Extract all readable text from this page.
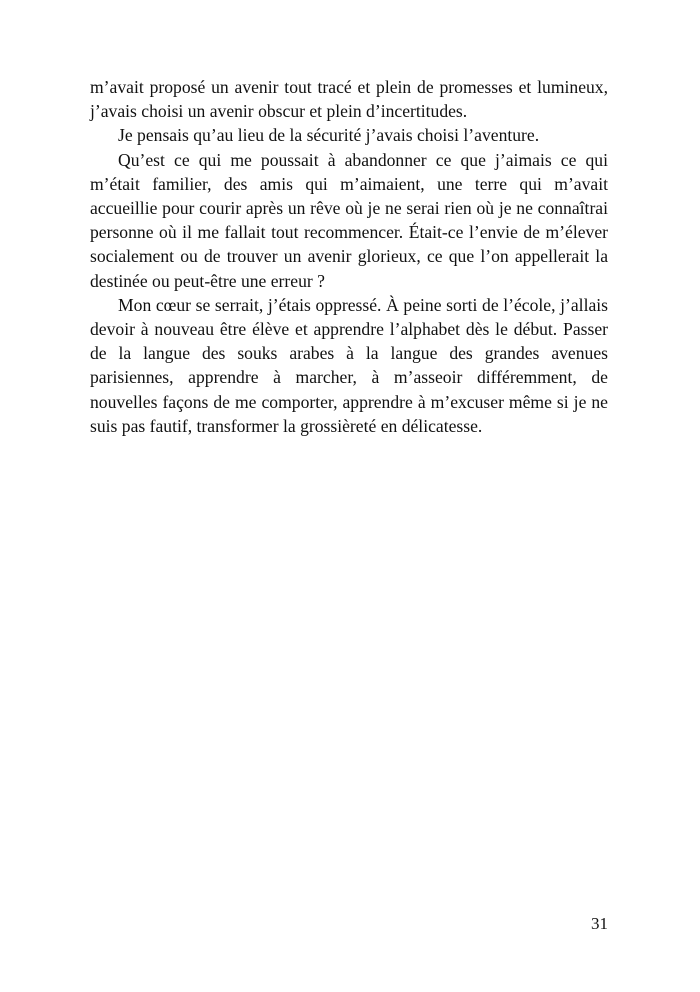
m’avait proposé un avenir tout tracé et plein de promesses et lumineux, j’avais choisi un avenir obscur et plein d’incertitudes.

Je pensais qu’au lieu de la sécurité j’avais choisi l’aventure.

Qu’est ce qui me poussait à abandonner ce que j’aimais ce qui m’était familier, des amis qui m’aimaient, une terre qui m’avait accueillie pour courir après un rêve où je ne serai rien où je ne connaîtrai personne où il me fallait tout recommencer. Était-ce l’envie de m’élever socialement ou de trouver un avenir glorieux, ce que l’on appellerait la destinée ou peut-être une erreur ?

Mon cœur se serrait, j’étais oppressé. À peine sorti de l’école, j’allais devoir à nouveau être élève et apprendre l’alphabet dès le début. Passer de la langue des souks arabes à la langue des grandes avenues parisiennes, apprendre à marcher, à m’asseoir différemment, de nouvelles façons de me comporter, apprendre à m’excuser même si je ne suis pas fautif, transformer la grossièreté en délicatesse.

31
